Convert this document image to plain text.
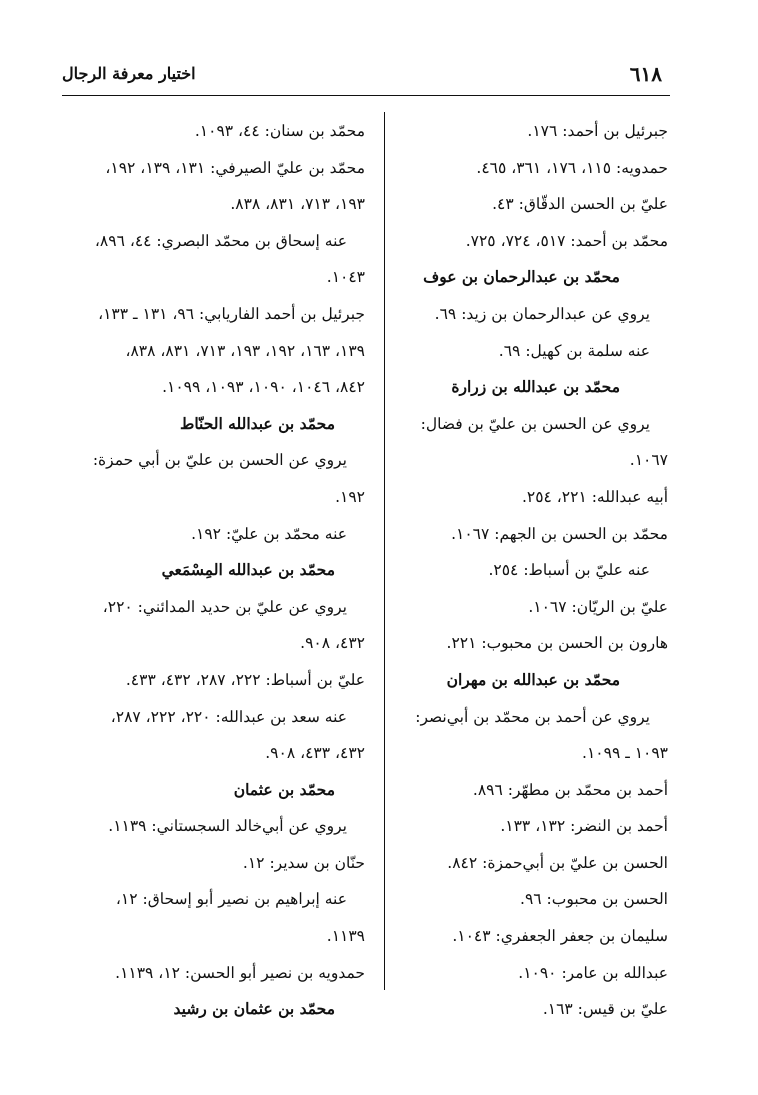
٦١٨
اختيار معرفة الرجال
جبرئيل بن أحمد: ١٧٦.
حمدويه: ١١٥، ١٧٦، ٣٦١، ٤٦٥.
عليّ بن الحسن الدقّاق: ٤٣.
محمّد بن أحمد: ٥١٧، ٧٢٤، ٧٢٥.
محمّد بن عبدالرحمان بن عوف
يروي عن عبدالرحمان بن زيد: ٦٩.
عنه سلمة بن كهيل: ٦٩.
محمّد بن عبدالله بن زرارة
يروي عن الحسن بن عليّ بن فضال:
١٠٦٧.
أبيه عبدالله: ٢٢١، ٢٥٤.
محمّد بن الحسن بن الجهم: ١٠٦٧.
عنه عليّ بن أسباط: ٢٥٤.
عليّ بن الريّان: ١٠٦٧.
هارون بن الحسن بن محبوب: ٢٢١.
محمّد بن عبدالله بن مهران
يروي عن أحمد بن محمّد بن أبي‌نصر:
١٠٩٣ ـ ١٠٩٩.
أحمد بن محمّد بن مطهّر: ٨٩٦.
أحمد بن النضر: ١٣٢، ١٣٣.
الحسن بن عليّ بن أبي‌حمزة: ٨٤٢.
الحسن بن محبوب: ٩٦.
سليمان بن جعفر الجعفري: ١٠٤٣.
عبدالله بن عامر: ١٠٩٠.
عليّ بن قيس: ١٦٣.
محمّد بن سنان: ٤٤، ١٠٩٣.
محمّد بن عليّ الصيرفي: ١٣١، ١٣٩، ١٩٢،
١٩٣، ٧١٣، ٨٣١، ٨٣٨.
عنه إسحاق بن محمّد البصري: ٤٤، ٨٩٦،
١٠٤٣.
جبرئيل بن أحمد الفاريابي: ٩٦، ١٣١ ـ ١٣٣،
١٣٩، ١٦٣، ١٩٢، ١٩٣، ٧١٣، ٨٣١، ٨٣٨،
٨٤٢، ١٠٤٦، ١٠٩٠، ١٠٩٣، ١٠٩٩.
محمّد بن عبدالله الحنّاط
يروي عن الحسن بن عليّ بن أبي حمزة:
١٩٢.
عنه محمّد بن عليّ: ١٩٢.
محمّد بن عبدالله المِسْمَعي
يروي عن عليّ بن حديد المدائني: ٢٢٠،
٤٣٢، ٩٠٨.
عليّ بن أسباط: ٢٢٢، ٢٨٧، ٤٣٢، ٤٣٣.
عنه سعد بن عبدالله: ٢٢٠، ٢٢٢، ٢٨٧،
٤٣٢، ٤٣٣، ٩٠٨.
محمّد بن عثمان
يروي عن أبي‌خالد السجستاني: ١١٣٩.
حنّان بن سدير: ١٢.
عنه إبراهيم بن نصير أبو إسحاق: ١٢،
١١٣٩.
حمدويه بن نصير أبو الحسن: ١٢، ١١٣٩.
محمّد بن عثمان بن رشيد
